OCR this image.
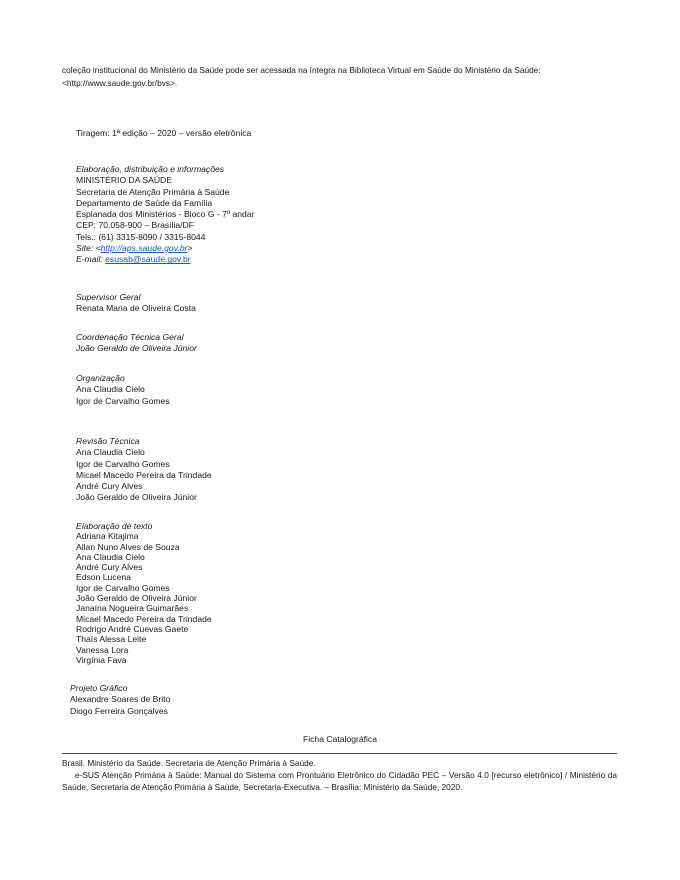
coleção institucional do Ministério da Saúde pode ser acessada na íntegra na Biblioteca Virtual em Saúde do Ministério da Saúde:
<http://www.saude.gov.br/bvs>.
Tiragem: 1ª edição – 2020 – versão eletrônica
Elaboração, distribuição e informações
MINISTÉRIO DA SAÚDE
Secretaria de Atenção Primária à Saúde
Departamento de Saúde da Família
Esplanada dos Ministérios - Bloco G - 7º andar
CEP: 70.058-900 – Brasília/DF
Tels.: (61) 3315-8090 / 3315-8044
Site: <http://aps.saude.gov.br>
E-mail: esusab@saude.gov.br
Supervisor Geral
Renata Maria de Oliveira Costa
Coordenação Técnica Geral
João Geraldo de Oliveira Júnior
Organização
Ana Claudia Cielo
Igor de Carvalho Gomes
Revisão Técnica
Ana Claudia Cielo
Igor de Carvalho Gomes
Micael Macedo Pereira da Trindade
André Cury Alves
João Geraldo de Oliveira Júnior
Elaboração de texto
Adriana Kitajima
Allan Nuno Alves de Souza
Ana Claudia Cielo
André Cury Alves
Edson Lucena
Igor de Carvalho Gomes
João Geraldo de Oliveira Júnior
Janaína Nogueira Guimarães
Micael Macedo Pereira da Trindade
Rodrigo André Cuevas Gaete
Thaís Alessa Leite
Vanessa Lora
Virgínia Fava
Projeto Gráfico
Alexandre Soares de Brito
Diogo Ferreira Gonçalves
Ficha Catalográfica
Brasil. Ministério da Saúde. Secretaria de Atenção Primária à Saúde.
e-SUS Atenção Primária à Saúde: Manual do Sistema com Prontuário Eletrônico do Cidadão PEC – Versão 4.0 [recurso eletrônico] / Ministério da Saúde, Secretaria de Atenção Primária à Saúde, Secretaria-Executiva. – Brasília: Ministério da Saúde, 2020.
